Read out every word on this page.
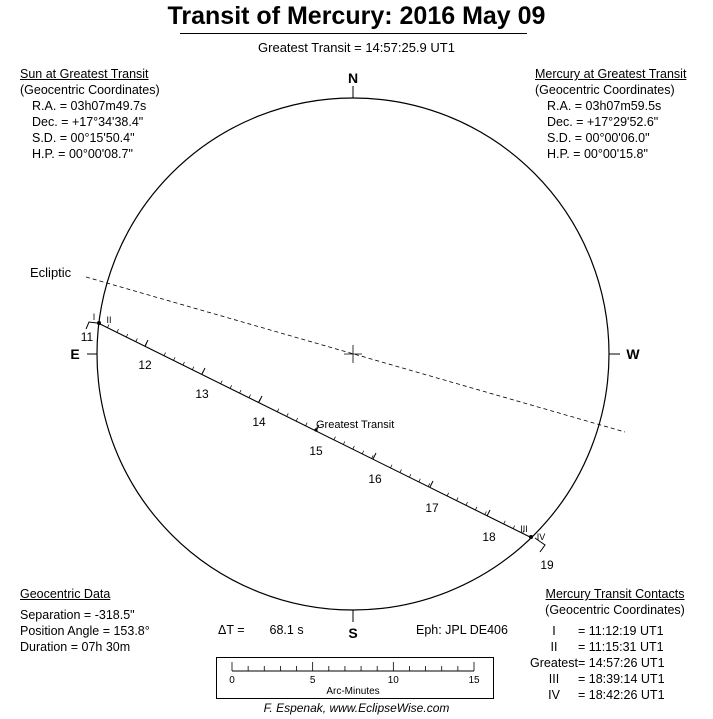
Transit of Mercury: 2016 May 09
Greatest Transit = 14:57:25.9 UT1
Sun at Greatest Transit
(Geocentric Coordinates)
R.A. = 03h07m49.7s
Dec. = +17°34'38.4"
S.D. = 00°15'50.4"
H.P. = 00°00'08.7"
Mercury at Greatest Transit
(Geocentric Coordinates)
R.A. = 03h07m59.5s
Dec. = +17°29'52.6"
S.D. = 00°00'06.0"
H.P. = 00°00'15.8"
N
S
E	W
Ecliptic
11
12
13
14
15
16
17
18
19
I II
III
IV
Greatest Transit
Geocentric Data
Separation = -318.5"
Position Angle = 153.8°
Duration = 07h 30m
ΔT = 68.1 s	Eph: JPL DE406
0	5	10	15
Arc-Minutes
Mercury Transit Contacts
(Geocentric Coordinates)
I	= 11:12:19 UT1
II	= 11:15:31 UT1
Greatest = 14:57:26 UT1
III	= 18:39:14 UT1
IV	= 18:42:26 UT1
F. Espenak, www.EclipseWise.com
